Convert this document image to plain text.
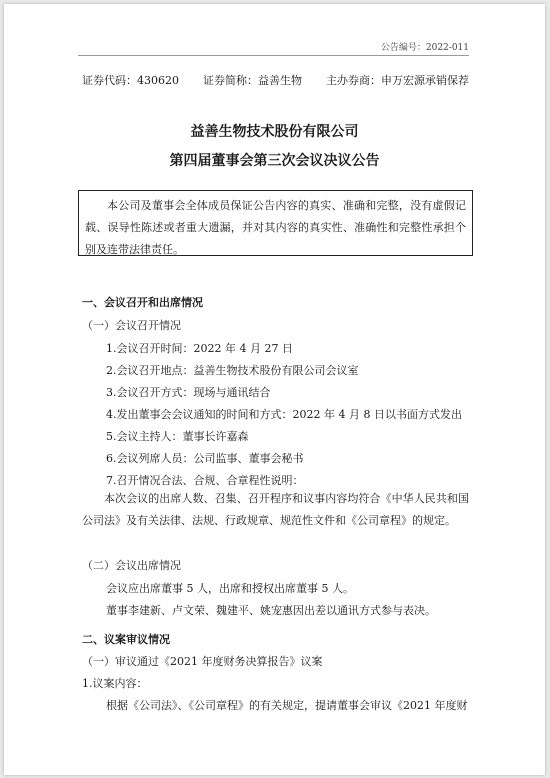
公告编号：2022-011
证券代码：430620 证券简称：益善生物 主办券商：申万宏源承销保荐
益善生物技术股份有限公司
第四届董事会第三次会议决议公告
本公司及董事会全体成员保证公告内容的真实、准确和完整，没有虚假记载、误导性陈述或者重大遗漏，并对其内容的真实性、准确性和完整性承担个别及连带法律责任。
一、会议召开和出席情况
（一）会议召开情况
1.会议召开时间：2022 年 4 月 27 日
2.会议召开地点：益善生物技术股份有限公司会议室
3.会议召开方式：现场与通讯结合
4.发出董事会会议通知的时间和方式：2022 年 4 月 8 日以书面方式发出
5.会议主持人：董事长许嘉森
6.会议列席人员：公司监事、董事会秘书
7.召开情况合法、合规、合章程性说明：
本次会议的出席人数、召集、召开程序和议事内容均符合《中华人民共和国公司法》及有关法律、法规、行政规章、规范性文件和《公司章程》的规定。
（二）会议出席情况
会议应出席董事 5 人，出席和授权出席董事 5 人。
董事李建新、卢文荣、魏建平、姚宠惠因出差以通讯方式参与表决。
二、议案审议情况
（一）审议通过《2021 年度财务决算报告》议案
1.议案内容：
根据《公司法》、《公司章程》的有关规定，提请董事会审议《2021 年度财
